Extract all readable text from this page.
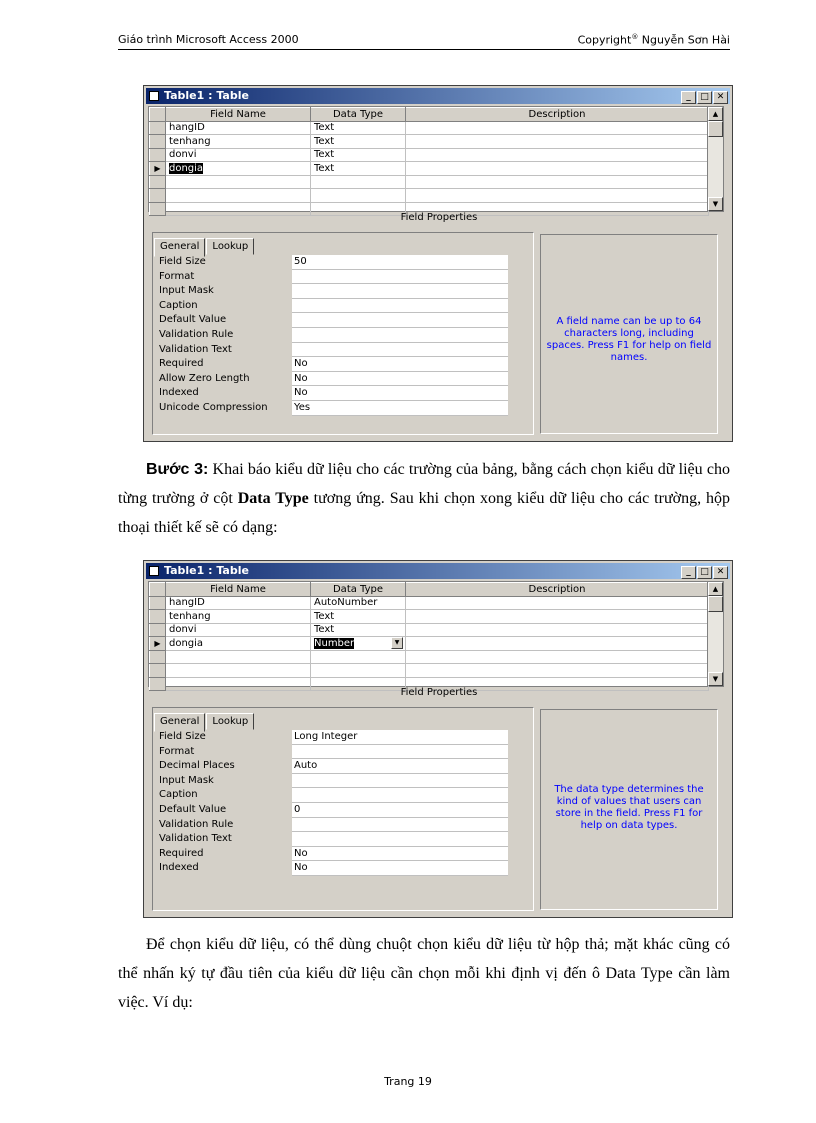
Giáo trình Microsoft Access 2000	Copyright® Nguyễn Sơn Hài
Table1 : Table	_ □ ✕
	Field Name	Data Type	Description
	hangID	Text	
	tenhang	Text	
	donvi	Text	
▶	dongia	Text	

▲
▼
Field Properties
General Lookup
Field Size	50
Format
Input Mask
Caption
Default Value
Validation Rule
Validation Text
Required	No
Allow Zero Length	No
Indexed	No
Unicode Compression	Yes
A field name can be up to 64 characters long, including spaces. Press F1 for help on field names.
Bước 3: Khai báo kiểu dữ liệu cho các trường của bảng, bằng cách chọn kiểu dữ liệu cho từng trường ở cột Data Type tương ứng. Sau khi chọn xong kiểu dữ liệu cho các trường, hộp thoại thiết kế sẽ có dạng:
Table1 : Table	_ □ ✕
	Field Name	Data Type	Description
	hangID	AutoNumber	
	tenhang	Text	
	donvi	Text	
▶	dongia	Number ▼	

▲
▼
Field Properties
General Lookup
Field Size	Long Integer
Format
Decimal Places	Auto
Input Mask
Caption
Default Value	0
Validation Rule
Validation Text
Required	No
Indexed	No
The data type determines the kind of values that users can store in the field. Press F1 for help on data types.
Để chọn kiểu dữ liệu, có thể dùng chuột chọn kiểu dữ liệu từ hộp thả; mặt khác cũng có thể nhấn ký tự đầu tiên của kiểu dữ liệu cần chọn mỗi khi định vị đến ô Data Type cần làm việc. Ví dụ:
Trang 19
